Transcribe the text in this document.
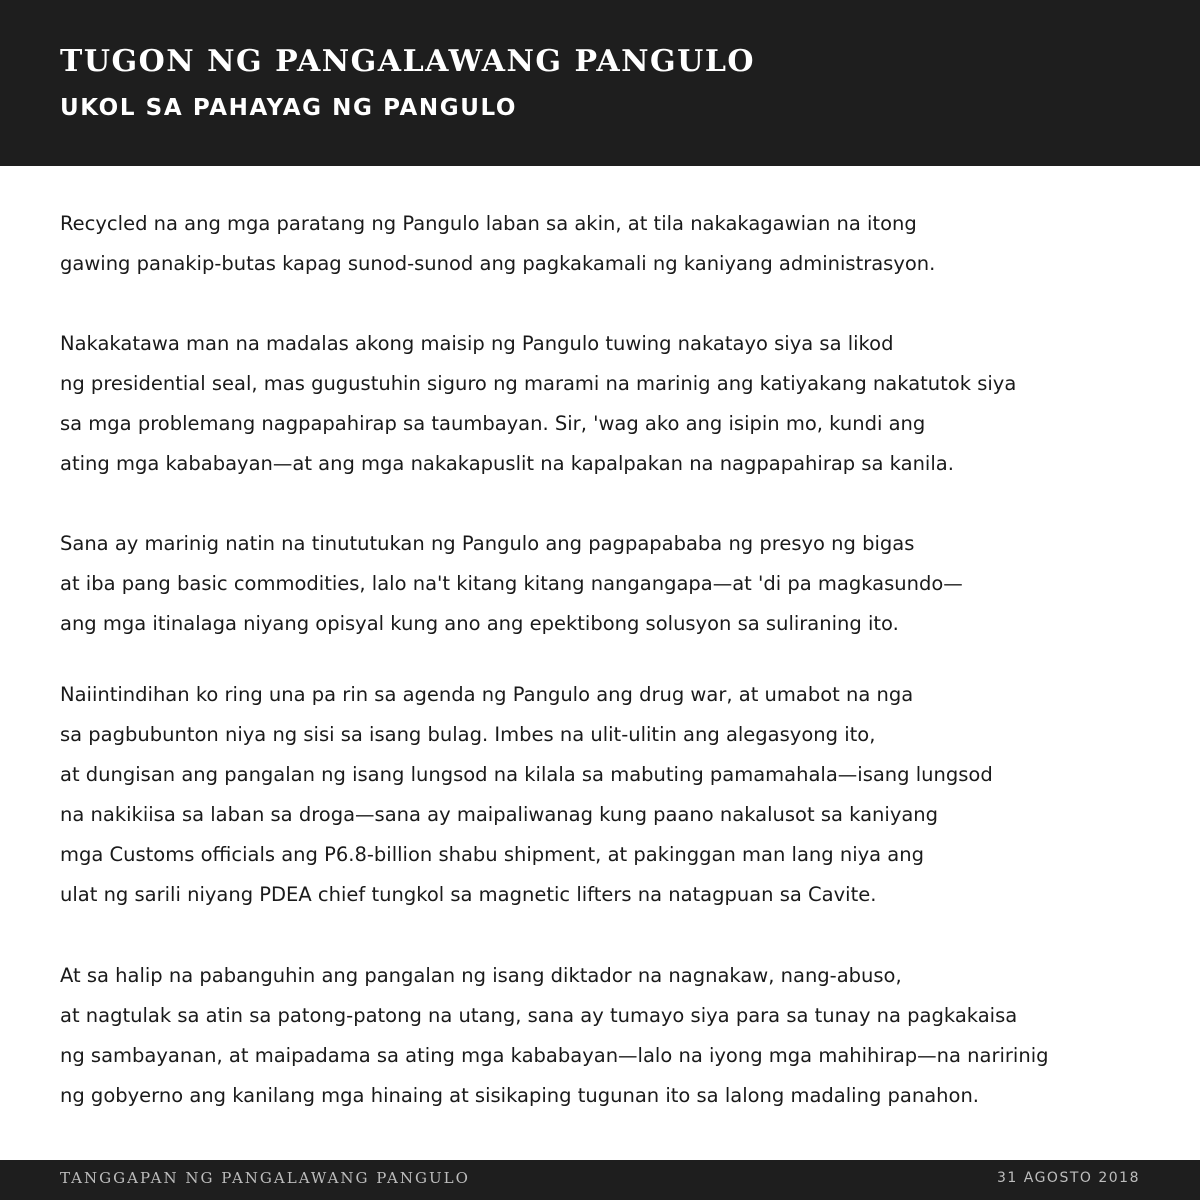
TUGON NG PANGALAWANG PANGULO
UKOL SA PAHAYAG NG PANGULO

Recycled na ang mga paratang ng Pangulo laban sa akin, at tila nakakagawian na itong

gawing panakip-butas kapag sunod-sunod ang pagkakamali ng kaniyang administrasyon.

Nakakatawa man na madalas akong maisip ng Pangulo tuwing nakatayo siya sa likod

ng presidential seal, mas gugustuhin siguro ng marami na marinig ang katiyakang nakatutok siya

sa mga problemang nagpapahirap sa taumbayan. Sir, 'wag ako ang isipin mo, kundi ang

ating mga kababayan—at ang mga nakakapuslit na kapalpakan na nagpapahirap sa kanila.

Sana ay marinig natin na tinututukan ng Pangulo ang pagpapababa ng presyo ng bigas

at iba pang basic commodities, lalo na't kitang kitang nangangapa—at 'di pa magkasundo—

ang mga itinalaga niyang opisyal kung ano ang epektibong solusyon sa suliraning ito.

Naiintindihan ko ring una pa rin sa agenda ng Pangulo ang drug war, at umabot na nga

sa pagbubunton niya ng sisi sa isang bulag. Imbes na ulit-ulitin ang alegasyong ito,

at dungisan ang pangalan ng isang lungsod na kilala sa mabuting pamamahala—isang lungsod

na nakikiisa sa laban sa droga—sana ay maipaliwanag kung paano nakalusot sa kaniyang

mga Customs officials ang P6.8-billion shabu shipment, at pakinggan man lang niya ang

ulat ng sarili niyang PDEA chief tungkol sa magnetic lifters na natagpuan sa Cavite.

At sa halip na pabanguhin ang pangalan ng isang diktador na nagnakaw, nang-abuso,

at nagtulak sa atin sa patong-patong na utang, sana ay tumayo siya para sa tunay na pagkakaisa

ng sambayanan, at maipadama sa ating mga kababayan—lalo na iyong mga mahihirap—na naririnig

ng gobyerno ang kanilang mga hinaing at sisikaping tugunan ito sa lalong madaling panahon.

TANGGAPAN NG PANGALAWANG PANGULO	31 AGOSTO 2018
